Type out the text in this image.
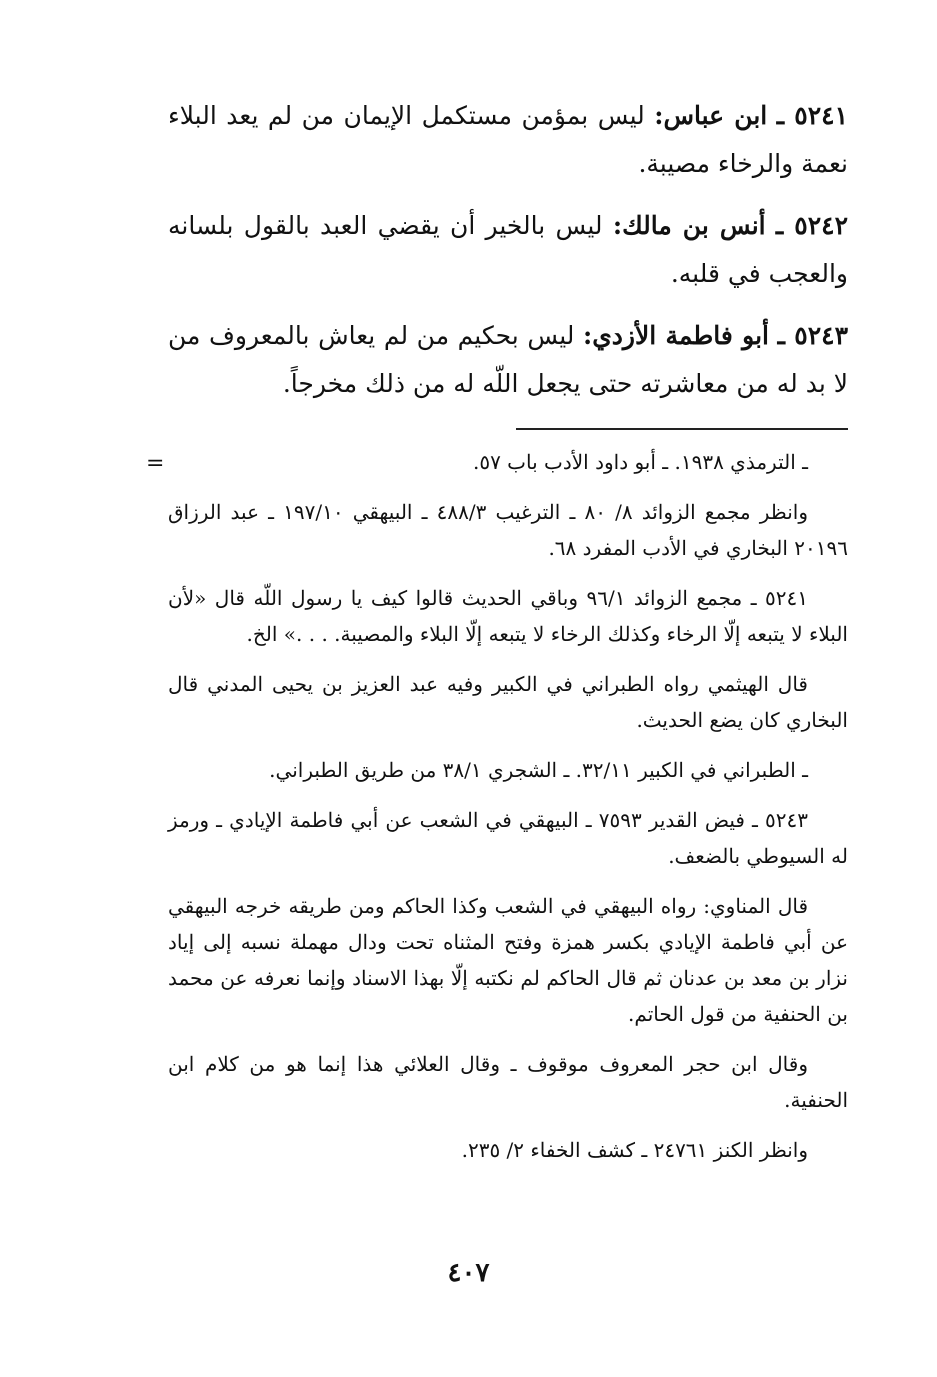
٥٢٤١ ـ ابن عباس: ليس بمؤمن مستكمل الإيمان من لم يعد البلاء نعمة والرخاء مصيبة.

٥٢٤٢ ـ أنس بن مالك: ليس بالخير أن يقضي العبد بالقول بلسانه والعجب في قلبه.

٥٢٤٣ ـ أبو فاطمة الأزدي: ليس بحكيم من لم يعاش بالمعروف من لا بد له من معاشرته حتى يجعل اللّه له من ذلك مخرجاً.

=	ـ الترمذي ١٩٣٨. ـ أبو داود الأدب باب ٥٧.

وانظر مجمع الزوائد ٨/ ٨٠ ـ الترغيب ٤٨٨/٣ ـ البيهقي ١٩٧/١٠ ـ عبد الرزاق ٢٠١٩٦ البخاري في الأدب المفرد ٦٨.

٥٢٤١ ـ مجمع الزوائد ٩٦/١ وباقي الحديث قالوا كيف يا رسول اللّه قال «لأن البلاء لا يتبعه إلّا الرخاء وكذلك الرخاء لا يتبعه إلّا البلاء والمصيبة. . . .» الخ.

قال الهيثمي رواه الطبراني في الكبير وفيه عبد العزيز بن يحيى المدني قال البخاري كان يضع الحديث.

ـ الطبراني في الكبير ٣٢/١١. ـ الشجري ٣٨/١ من طريق الطبراني.

٥٢٤٣ ـ فيض القدير ٧٥٩٣ ـ البيهقي في الشعب عن أبي فاطمة الإيادي ـ ورمز له السيوطي بالضعف.

قال المناوي: رواه البيهقي في الشعب وكذا الحاكم ومن طريقه خرجه البيهقي عن أبي فاطمة الإيادي بكسر همزة وفتح المثناه تحت ودال مهملة نسبه إلى إياد نزار بن معد بن عدنان ثم قال الحاكم لم نكتبه إلّا بهذا الاسناد وإنما نعرفه عن محمد بن الحنفية من قول الحاتم.

وقال ابن حجر المعروف موقوف ـ وقال العلائي هذا إنما هو من كلام ابن الحنفية.

وانظر الكنز ٢٤٧٦١ ـ كشف الخفاء ٢/ ٢٣٥.

٤٠٧
